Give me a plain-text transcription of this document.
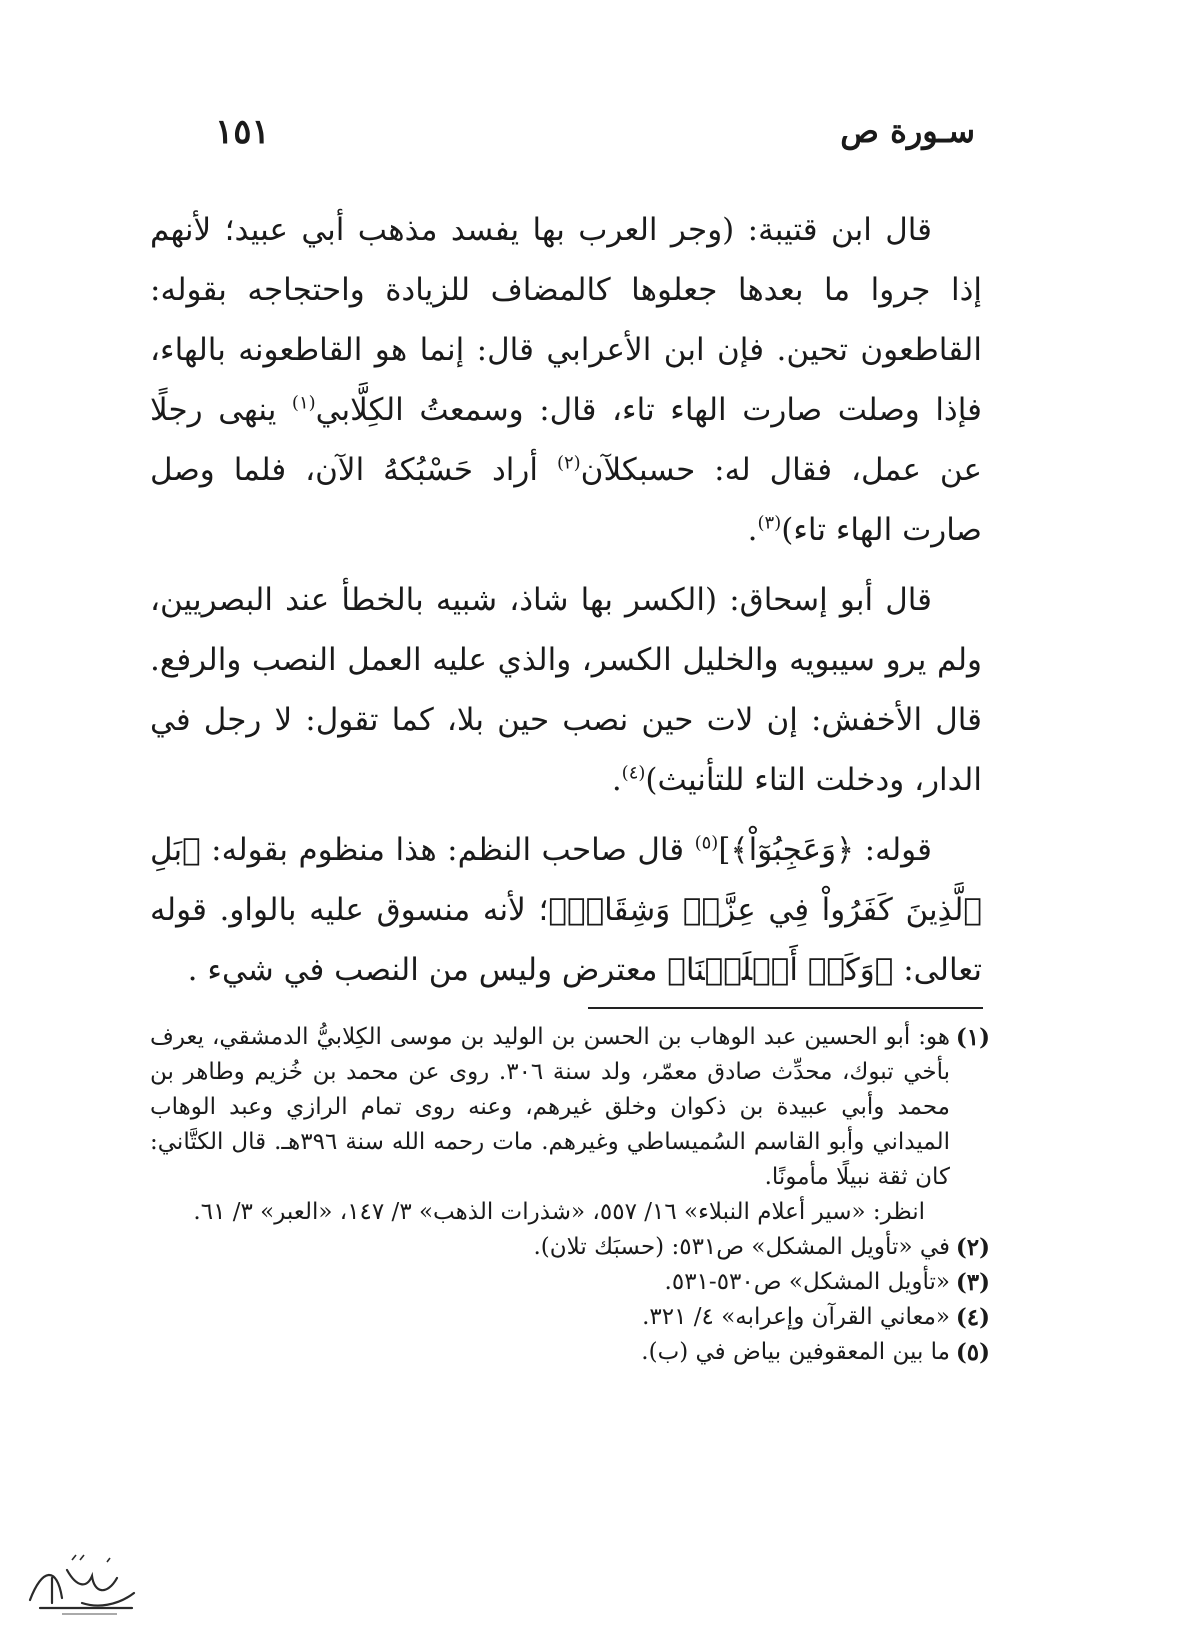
سـورة ص
١٥١

قال ابن قتيبة: (وجر العرب بها يفسد مذهب أبي عبيد؛ لأنهم إذا جروا ما بعدها جعلوها كالمضاف للزيادة واحتجاجه بقوله: القاطعون تحين. فإن ابن الأعرابي قال: إنما هو القاطعونه بالهاء، فإذا وصلت صارت الهاء تاء، قال: وسمعتُ الكِلَّابي$^{(١)}$ ينهى رجلًا عن عمل، فقال له: حسبكلآن$^{(٢)}$ أراد حَسْبُكهُ الآن، فلما وصل صارت الهاء تاء)$^{(٣)}$.

قال أبو إسحاق: (الكسر بها شاذ، شبيه بالخطأ عند البصريين، ولم يرو سيبويه والخليل الكسر، والذي عليه العمل النصب والرفع. قال الأخفش: إن لات حين نصب حين بلا، كما تقول: لا رجل في الدار، ودخلت التاء للتأنيث)$^{(٤)}$.

قوله: ﴿وَعَجِبُوٓاْ﴾]$^{(٥)}$ قال صاحب النظم: هذا منظوم بقوله: ﴿بَلِ ٱلَّذِينَ كَفَرُواْ فِي عِزَّةٖ وَشِقَاقٖ﴾؛ لأنه منسوق عليه بالواو. قوله تعالى: ﴿وَكَمۡ أَهۡلَكۡنَا﴾ معترض وليس من النصب في شيء .

(١)
هو: أبو الحسين عبد الوهاب بن الحسن بن الوليد بن موسى الكِلابيُّ الدمشقي، يعرف بأخي تبوك، محدِّث صادق معمّر، ولد سنة ٣٠٦. روى عن محمد بن خُزيم وطاهر بن محمد وأبي عبيدة بن ذكوان وخلق غيرهم، وعنه روى تمام الرازي وعبد الوهاب الميداني وأبو القاسم السُميساطي وغيرهم. مات رحمه الله سنة ٣٩٦هـ. قال الكتَّاني: كان ثقة نبيلًا مأمونًا.
انظر: «سير أعلام النبلاء» ١٦/ ٥٥٧، «شذرات الذهب» ٣/ ١٤٧، «العبر» ٣/ ٦١.
(٢)
في «تأويل المشكل» ص٥٣١: (حسبَك تلان).
(٣)
«تأويل المشكل» ص٥٣٠-٥٣١.
(٤)
«معاني القرآن وإعرابه» ٤/ ٣٢١.
(٥)
ما بين المعقوفين بياض في (ب).
